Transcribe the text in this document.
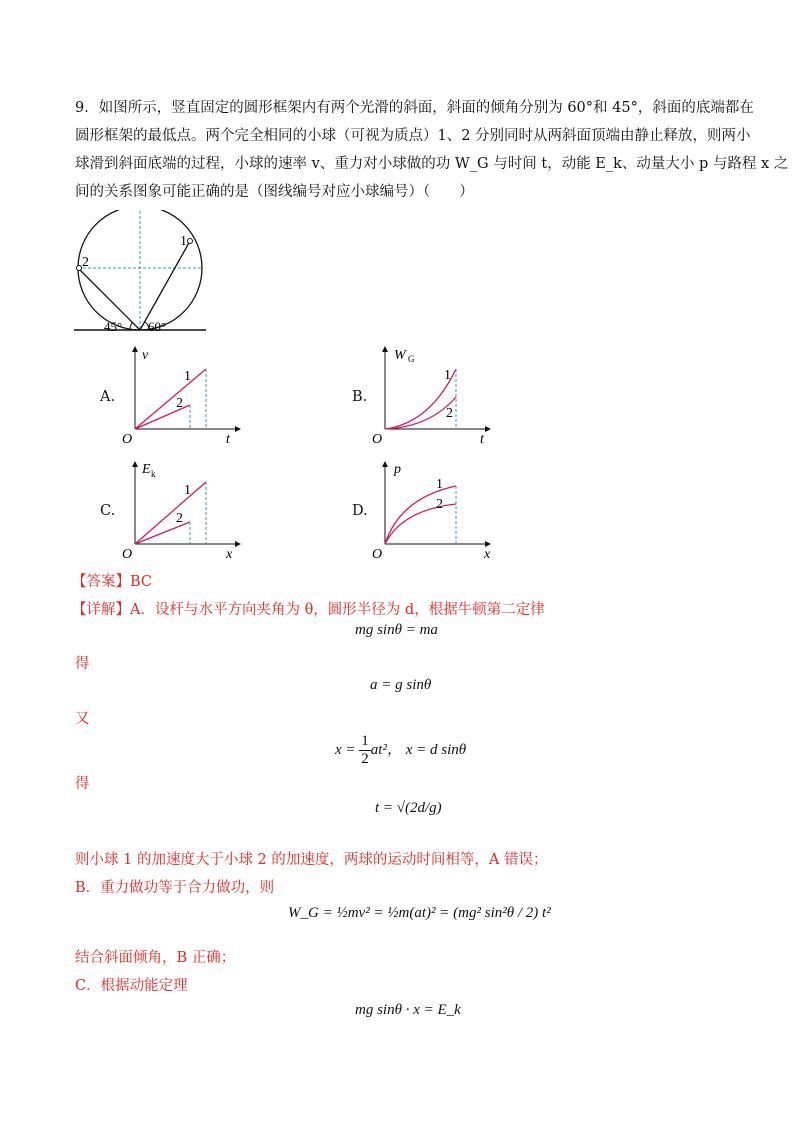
9．如图所示，竖直固定的圆形框架内有两个光滑的斜面，斜面的倾角分别为 60°和 45°，斜面的底端都在
圆形框架的最低点。两个完全相同的小球（可视为质点）1、2 分别同时从两斜面顶端由静止释放，则两小
球滑到斜面底端的过程，小球的速率 v、重力对小球做的功 W_G 与时间 t，动能 E_k、动量大小 p 与路程 x 之
间的关系图象可能正确的是（图线编号对应小球编号）（　　）
2
1
45° 60°
A.
v
t
O
1
2	B.
W G
t
O
1
2
C.
E k
x
O
1
2	D.
p
x
O
1
2
【答案】BC
【详解】A．设杆与水平方向夹角为 θ，圆形半径为 d，根据牛顿第二定律
mg sinθ = ma
得
a = g sinθ
又
$x = \frac{1}{2} at^2$， x = d sinθ
得
t = √(2d/g)
则小球 1 的加速度大于小球 2 的加速度，两球的运动时间相等，A 错误；
B．重力做功等于合力做功，则
W_G = ½mv² = ½m(at)² = (mg² sin²θ / 2) t²
结合斜面倾角，B 正确；
C．根据动能定理
mg sinθ · x = E_k
